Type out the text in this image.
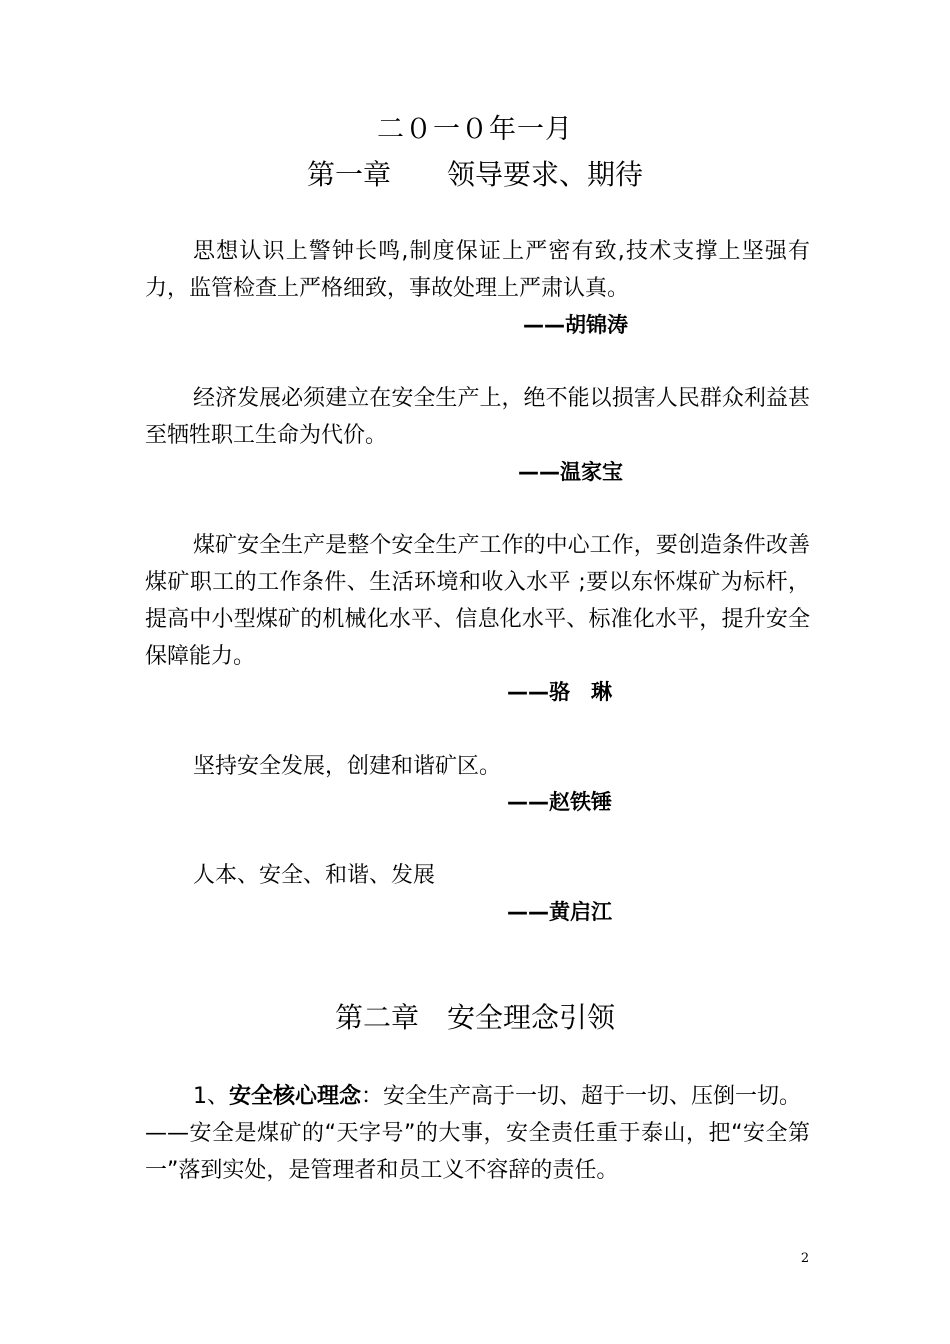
二０一０年一月
第一章　　领导要求、期待

思想认识上警钟长鸣,制度保证上严密有致,技术支撑上坚强有力，监管检查上严格细致，事故处理上严肃认真。

——胡锦涛

经济发展必须建立在安全生产上，绝不能以损害人民群众利益甚至牺牲职工生命为代价。

——温家宝

煤矿安全生产是整个安全生产工作的中心工作，要创造条件改善煤矿职工的工作条件、生活环境和收入水平 ;要以东怀煤矿为标杆，提高中小型煤矿的机械化水平、信息化水平、标准化水平，提升安全保障能力。

——骆　琳

坚持安全发展，创建和谐矿区。

——赵铁锤

人本、安全、和谐、发展

——黄启江
第二章　安全理念引领

1、安全核心理念：安全生产高于一切、超于一切、压倒一切。

——安全是煤矿的“天字号”的大事，安全责任重于泰山，把“安全第一”落到实处，是管理者和员工义不容辞的责任。

2
